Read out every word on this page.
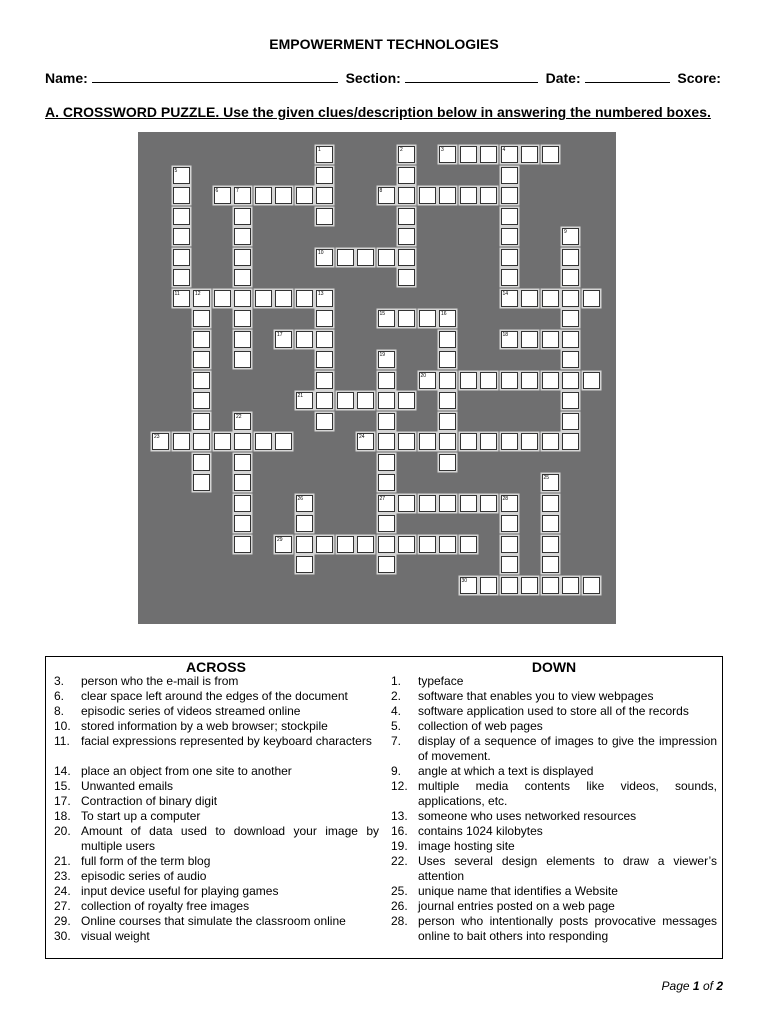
EMPOWERMENT TECHNOLOGIES
Name:	Section:	Date:	Score:
A. CROSSWORD PUZZLE. Use the given clues/description below in answering the numbered boxes.
3	4
6	7	8
10
11	12	13	14
15	16
17	18
20
21
23	24
27	28
29
30
1	2
5
9
19
22
25
26
ACROSS	DOWN
3. person who the e-mail is from
6. clear space left around the edges of the document
8. episodic series of videos streamed online
10. stored information by a web browser; stockpile
11. facial expressions represented by keyboard characters
14. place an object from one site to another
15. Unwanted emails
17. Contraction of binary digit
18. To start up a computer
20. Amount of data used to download your image by multiple users
21. full form of the term blog
23. episodic series of audio
24. input device useful for playing games
27. collection of royalty free images
29. Online courses that simulate the classroom online
30. visual weight
1. typeface
2. software that enables you to view webpages
4. software application used to store all of the records
5. collection of web pages
7. display of a sequence of images to give the impression of movement.
9. angle at which a text is displayed
12. multiple media contents like videos, sounds, applications, etc.
13. someone who uses networked resources
16. contains 1024 kilobytes
19. image hosting site
22. Uses several design elements to draw a viewer’s attention
25. unique name that identifies a Website
26. journal entries posted on a web page
28. person who intentionally posts provocative messages online to bait others into responding
Page 1 of 2
